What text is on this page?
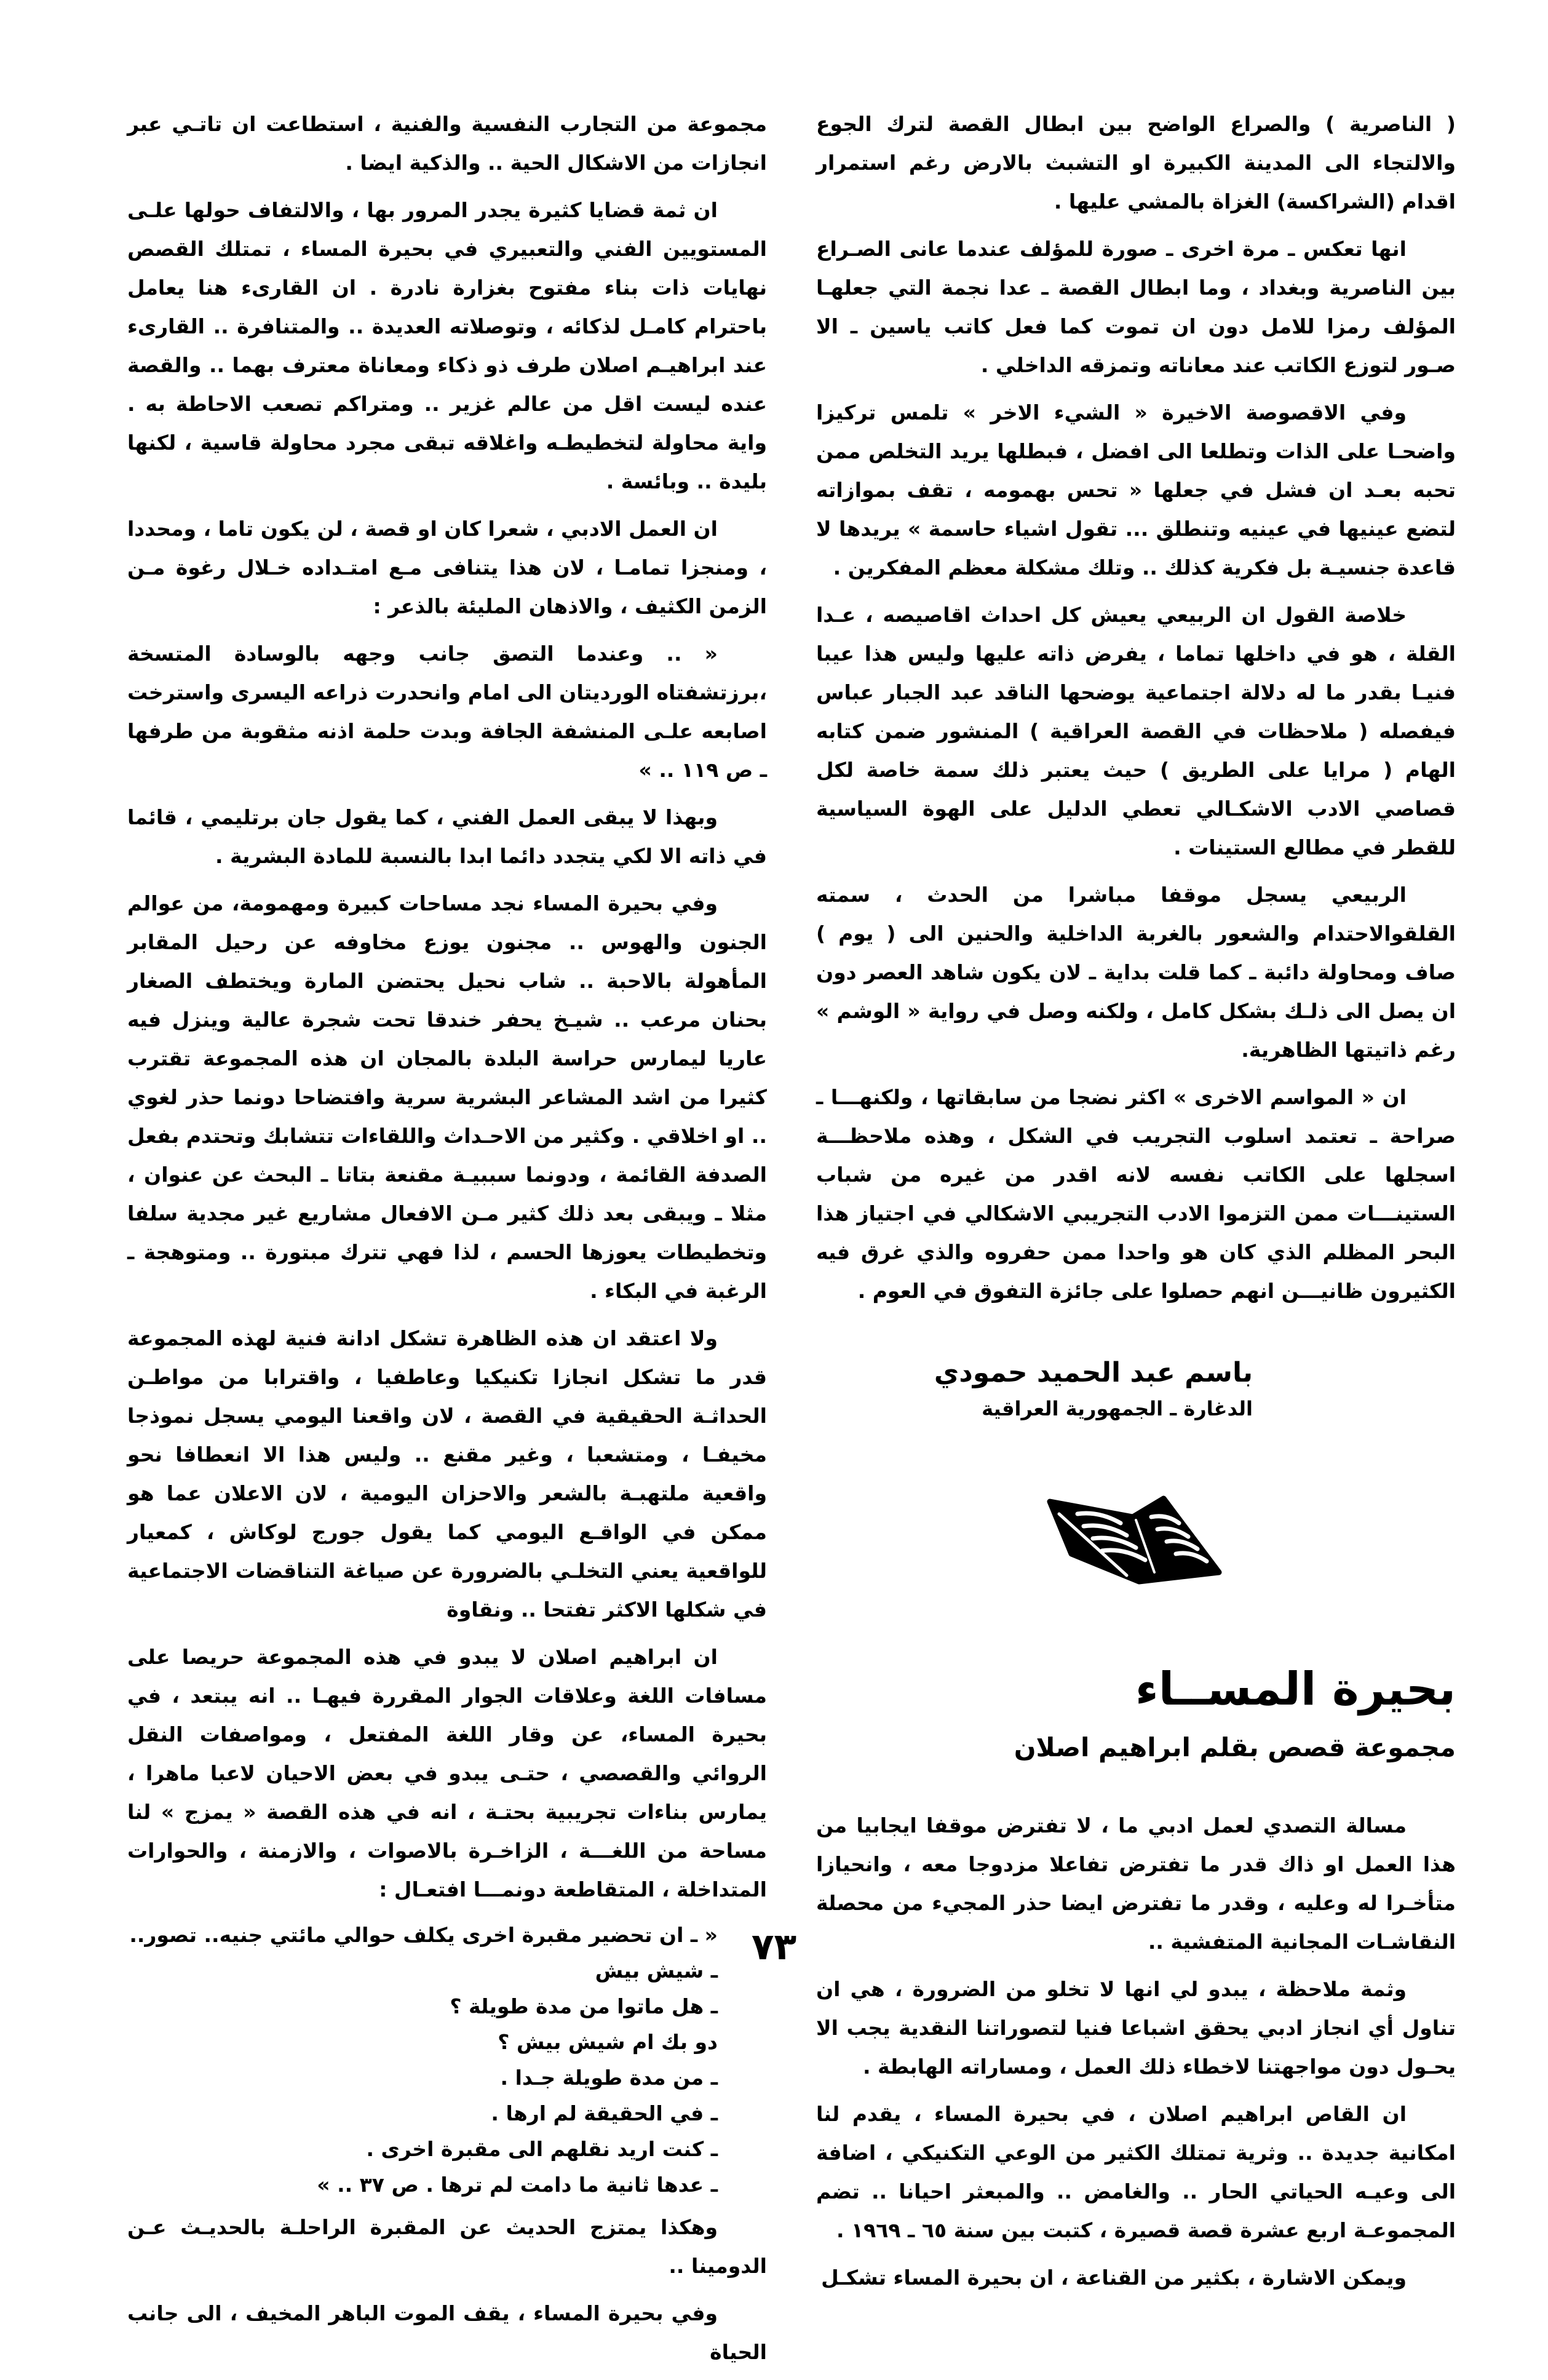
( الناصرية ) والصراع الواضح بين ابطال القصة لترك الجوع والالتجاء الى المدينة الكبيرة او التشبث بالارض رغم استمرار اقدام (الشراكسة) الغزاة بالمشي عليها .

انها تعكس ـ مرة اخرى ـ صورة للمؤلف عندما عانى الصـراع بين الناصرية وبغداد ، وما ابطال القصة ـ عدا نجمة التي جعلهـا المؤلف رمزا للامل دون ان تموت كما فعل كاتب ياسين ـ الا صـور لتوزع الكاتب عند معاناته وتمزقه الداخلي .

وفي الاقصوصة الاخيرة « الشيء الاخر » تلمس تركيزا واضحـا على الذات وتطلعا الى افضل ، فبطلها يريد التخلص ممن تحبه بعـد ان فشل في جعلها « تحس بهمومه ، تقف بموازاته لتضع عينيها في عينيه وتنطلق ... تقول اشياء حاسمة » يريدها لا قاعدة جنسيـة بل فكرية كذلك .. وتلك مشكلة معظم المفكرين .

خلاصة القول ان الربيعي يعيش كل احداث اقاصيصه ، عـدا القلة ، هو في داخلها تماما ، يفرض ذاته عليها وليس هذا عيبا فنيـا بقدر ما له دلالة اجتماعية يوضحها الناقد عبد الجبار عباس فيفصله ( ملاحظات في القصة العراقية ) المنشور ضمن كتابه الهام ( مرايا على الطريق ) حيث يعتبر ذلك سمة خاصة لكل قصاصي الادب الاشكـالي تعطي الدليل على الهوة السياسية للقطر في مطالع الستينات .

الربيعي يسجل موقفا مباشرا من الحدث ، سمته القلقوالاحتدام والشعور بالغربة الداخلية والحنين الى ( يوم ) صاف ومحاولة دائبة ـ كما قلت بداية ـ لان يكون شاهد العصر دون ان يصل الى ذلـك بشكل كامل ، ولكنه وصل في رواية « الوشم » رغم ذاتيتها الظاهرية.

ان « المواسم الاخرى » اكثر نضجا من سابقاتها ، ولكنهـــا ـ صراحة ـ تعتمد اسلوب التجريب في الشكل ، وهذه ملاحظـــة اسجلها على الكاتب نفسه لانه اقدر من غيره من شباب الستينـــات ممن التزموا الادب التجريبي الاشكالي في اجتياز هذا البحر المظلم الذي كان هو واحدا ممن حفروه والذي غرق فيه الكثيرون ظانيـــن انهم حصلوا على جائزة التفوق في العوم .

باسم عبد الحميد حمودي
الدغارة ـ الجمهورية العراقية
بحيرة المســاء
مجموعة قصص بقلم ابراهيم اصلان

مسالة التصدي لعمل ادبي ما ، لا تفترض موقفا ايجابيا من هذا العمل او ذاك قدر ما تفترض تفاعلا مزدوجا معه ، وانحيازا متأخـرا له وعليه ، وقدر ما تفترض ايضا حذر المجيء من محصلة النقاشـات المجانية المتفشية ..

وثمة ملاحظة ، يبدو لي انها لا تخلو من الضرورة ، هي ان تناول أي انجاز ادبي يحقق اشباعا فنيا لتصوراتنا النقدية يجب الا يحـول دون مواجهتنا لاخطاء ذلك العمل ، ومساراته الهابطة .

ان القاص ابراهيم اصلان ، في بحيرة المساء ، يقدم لنا امكانية جديدة .. وثرية تمتلك الكثير من الوعي التكنيكي ، اضافة الى وعيـه الحياتي الحار .. والغامض .. والمبعثر احيانا .. تضم المجموعـة اربع عشرة قصة قصيرة ، كتبت بين سنة ٦٥ ـ ١٩٦٩ .

ويمكن الاشارة ، بكثير من القناعة ، ان بحيرة المساء تشكـل

مجموعة من التجارب النفسية والفنية ، استطاعت ان تاتـي عبر انجازات من الاشكال الحية .. والذكية ايضا .

ان ثمة قضايا كثيرة يجدر المرور بها ، والالتفاف حولها علـى المستويين الفني والتعبيري في بحيرة المساء ، تمتلك القصص نهايات ذات بناء مفتوح بغزارة نادرة . ان القارىء هنا يعامل باحترام كامـل لذكائه ، وتوصلاته العديدة .. والمتنافرة .. القارىء عند ابراهيـم اصلان طرف ذو ذكاء ومعاناة معترف بهما .. والقصة عنده ليست اقل من عالم غزير .. ومتراكم تصعب الاحاطة به . واية محاولة لتخطيطـه واغلاقه تبقى مجرد محاولة قاسية ، لكنها بليدة .. وبائسة .

ان العمل الادبي ، شعرا كان او قصة ، لن يكون تاما ، ومحددا ، ومنجزا تمامـا ، لان هذا يتنافى مـع امتـداده خـلال رغوة مـن الزمن الكثيف ، والاذهان المليئة بالذعر :

« .. وعندما التصق جانب وجهه بالوسادة المتسخة ،برزتشفتاه الورديتان الى امام وانحدرت ذراعه اليسرى واسترخت اصابعه علـى المنشفة الجافة وبدت حلمة اذنه مثقوبة من طرفها ـ ص ١١٩ .. »

وبهذا لا يبقى العمل الفني ، كما يقول جان برتليمي ، قائما في ذاته الا لكي يتجدد دائما ابدا بالنسبة للمادة البشرية .

وفي بحيرة المساء نجد مساحات كبيرة ومهمومة، من عوالم الجنون والهوس .. مجنون يوزع مخاوفه عن رحيل المقابر المأهولة بالاحبة .. شاب نحيل يحتضن المارة ويختطف الصغار بحنان مرعب .. شيـخ يحفر خندقا تحت شجرة عالية وينزل فيه عاريا ليمارس حراسة البلدة بالمجان ان هذه المجموعة تقترب كثيرا من اشد المشاعر البشرية سرية وافتضاحا دونما حذر لغوي .. او اخلاقي . وكثير من الاحـداث واللقاءات تتشابك وتحتدم بفعل الصدفة القائمة ، ودونما سببيـة مقنعة بتاتا ـ البحث عن عنوان ، مثلا ـ ويبقى بعد ذلك كثير مـن الافعال مشاريع غير مجدية سلفا وتخطيطات يعوزها الحسم ، لذا فهي تترك مبتورة .. ومتوهجة ـ الرغبة في البكاء .

ولا اعتقد ان هذه الظاهرة تشكل ادانة فنية لهذه المجموعة قدر ما تشكل انجازا تكنيكيا وعاطفيا ، واقترابا من مواطـن الحداثـة الحقيقية في القصة ، لان واقعنا اليومي يسجل نموذجا مخيفـا ، ومتشعبا ، وغير مقنع .. وليس هذا الا انعطافا نحو واقعية ملتهبـة بالشعر والاحزان اليومية ، لان الاعلان عما هو ممكن في الواقـع اليومي كما يقول جورج لوكاش ، كمعيار للواقعية يعني التخلـي بالضرورة عن صياغة التناقضات الاجتماعية في شكلها الاكثر تفتحا .. ونقاوة

ان ابراهيم اصلان لا يبدو في هذه المجموعة حريصا على مسافات اللغة وعلاقات الجوار المقررة فيهـا .. انه يبتعد ، في بحيرة المساء، عن وقار اللغة المفتعل ، ومواصفات النقل الروائي والقصصي ، حتـى يبدو في بعض الاحيان لاعبا ماهرا ، يمارس بناءات تجريبية بحتـة ، انه في هذه القصة « يمزج » لنا مساحة من اللغـــة ، الزاخـرة بالاصوات ، والازمنة ، والحوارات المتداخلة ، المتقاطعة دونمـــا افتعـال :

« ـ ان تحضير مقبرة اخرى يكلف حوالي مائتي جنيه.. تصور..
ـ شيش بيش
ـ هل ماتوا من مدة طويلة ؟
دو بك ام شيش بيش ؟
ـ من مدة طويلة جـدا .
ـ في الحقيقة لم ارها .
ـ كنت اريد نقلهم الى مقبرة اخرى .
ـ عدها ثانية ما دامت لم ترها . ص ٣٧ .. »

وهكذا يمتزج الحديث عن المقبرة الراحلـة بالحديـث عـن الدومينا ..

وفي بحيرة المساء ، يقف الموت الباهر المخيف ، الى جانب الحياة

٧٣
